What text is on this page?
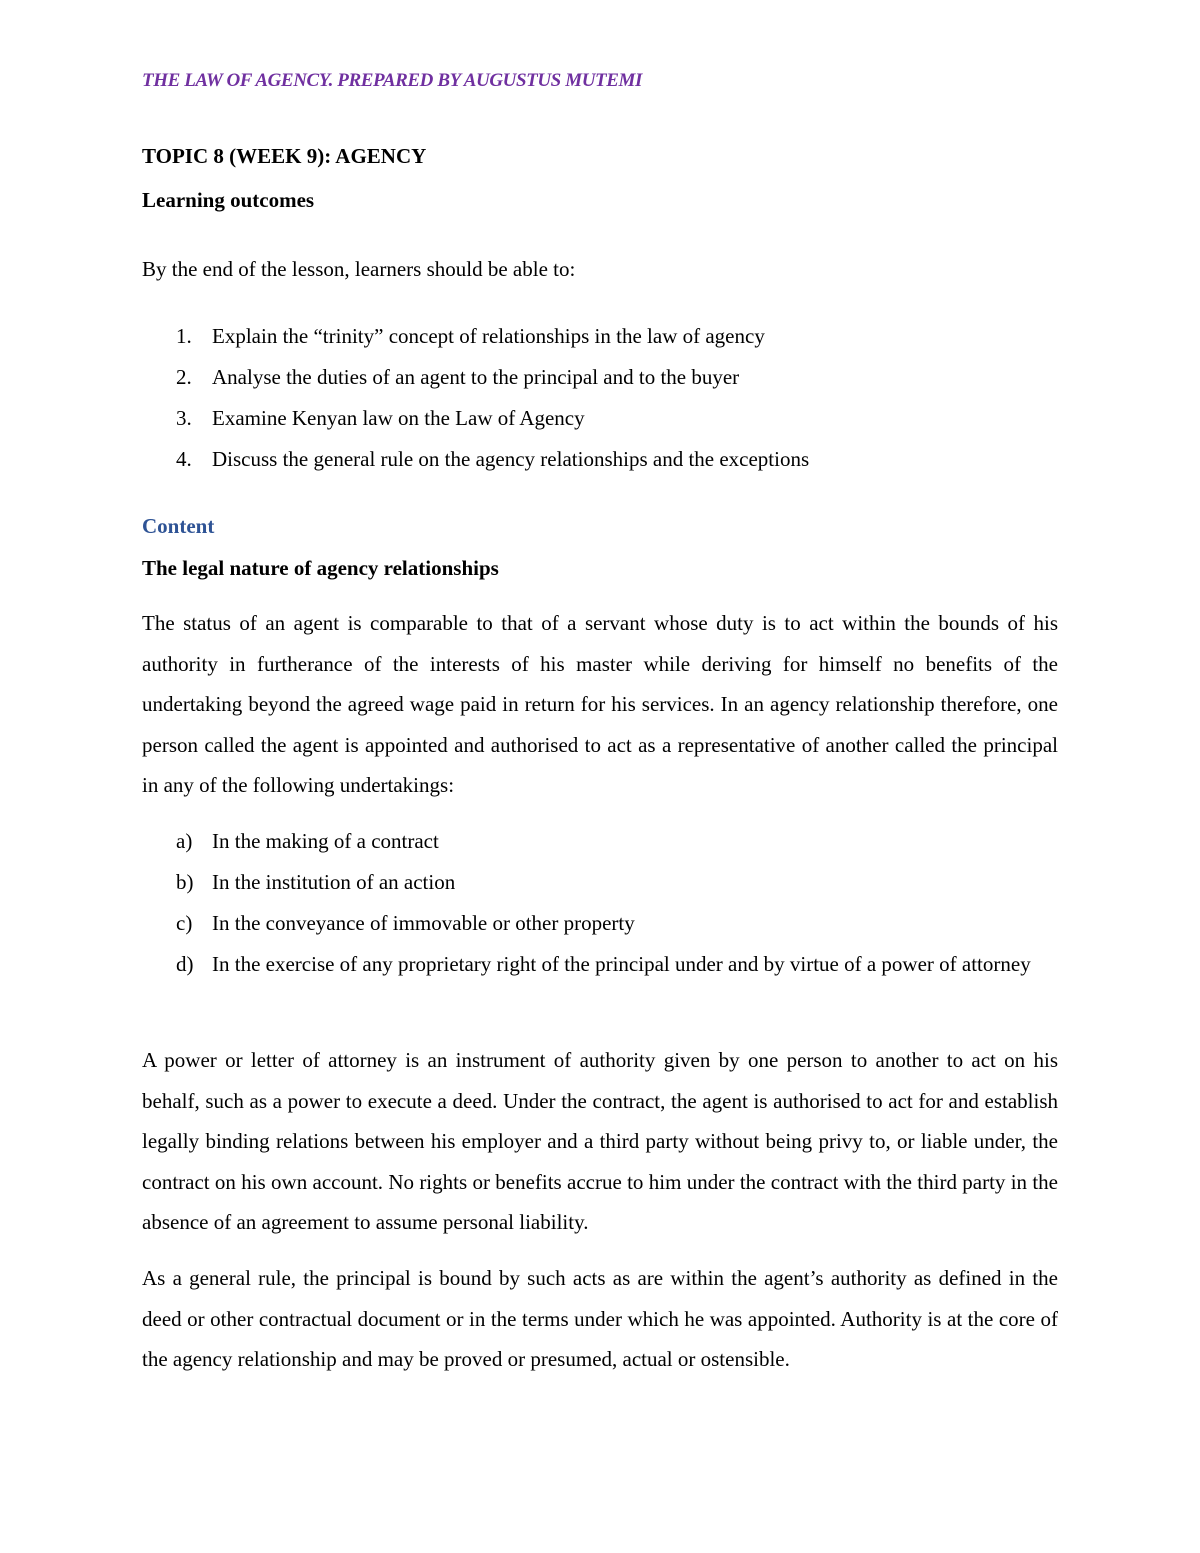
THE LAW OF AGENCY. PREPARED BY AUGUSTUS MUTEMI
TOPIC 8 (WEEK 9): AGENCY
Learning outcomes
By the end of the lesson, learners should be able to:
1. Explain the “trinity” concept of relationships in the law of agency
2. Analyse the duties of an agent to the principal and to the buyer
3. Examine Kenyan law on the Law of Agency
4. Discuss the general rule on the agency relationships and the exceptions
Content
The legal nature of agency relationships
The status of an agent is comparable to that of a servant whose duty is to act within the bounds of his authority in furtherance of the interests of his master while deriving for himself no benefits of the undertaking beyond the agreed wage paid in return for his services. In an agency relationship therefore, one person called the agent is appointed and authorised to act as a representative of another called the principal in any of the following undertakings:
a) In the making of a contract
b) In the institution of an action
c) In the conveyance of immovable or other property
d) In the exercise of any proprietary right of the principal under and by virtue of a power of attorney
A power or letter of attorney is an instrument of authority given by one person to another to act on his behalf, such as a power to execute a deed. Under the contract, the agent is authorised to act for and establish legally binding relations between his employer and a third party without being privy to, or liable under, the contract on his own account. No rights or benefits accrue to him under the contract with the third party in the absence of an agreement to assume personal liability.
As a general rule, the principal is bound by such acts as are within the agent’s authority as defined in the deed or other contractual document or in the terms under which he was appointed. Authority is at the core of the agency relationship and may be proved or presumed, actual or ostensible.
